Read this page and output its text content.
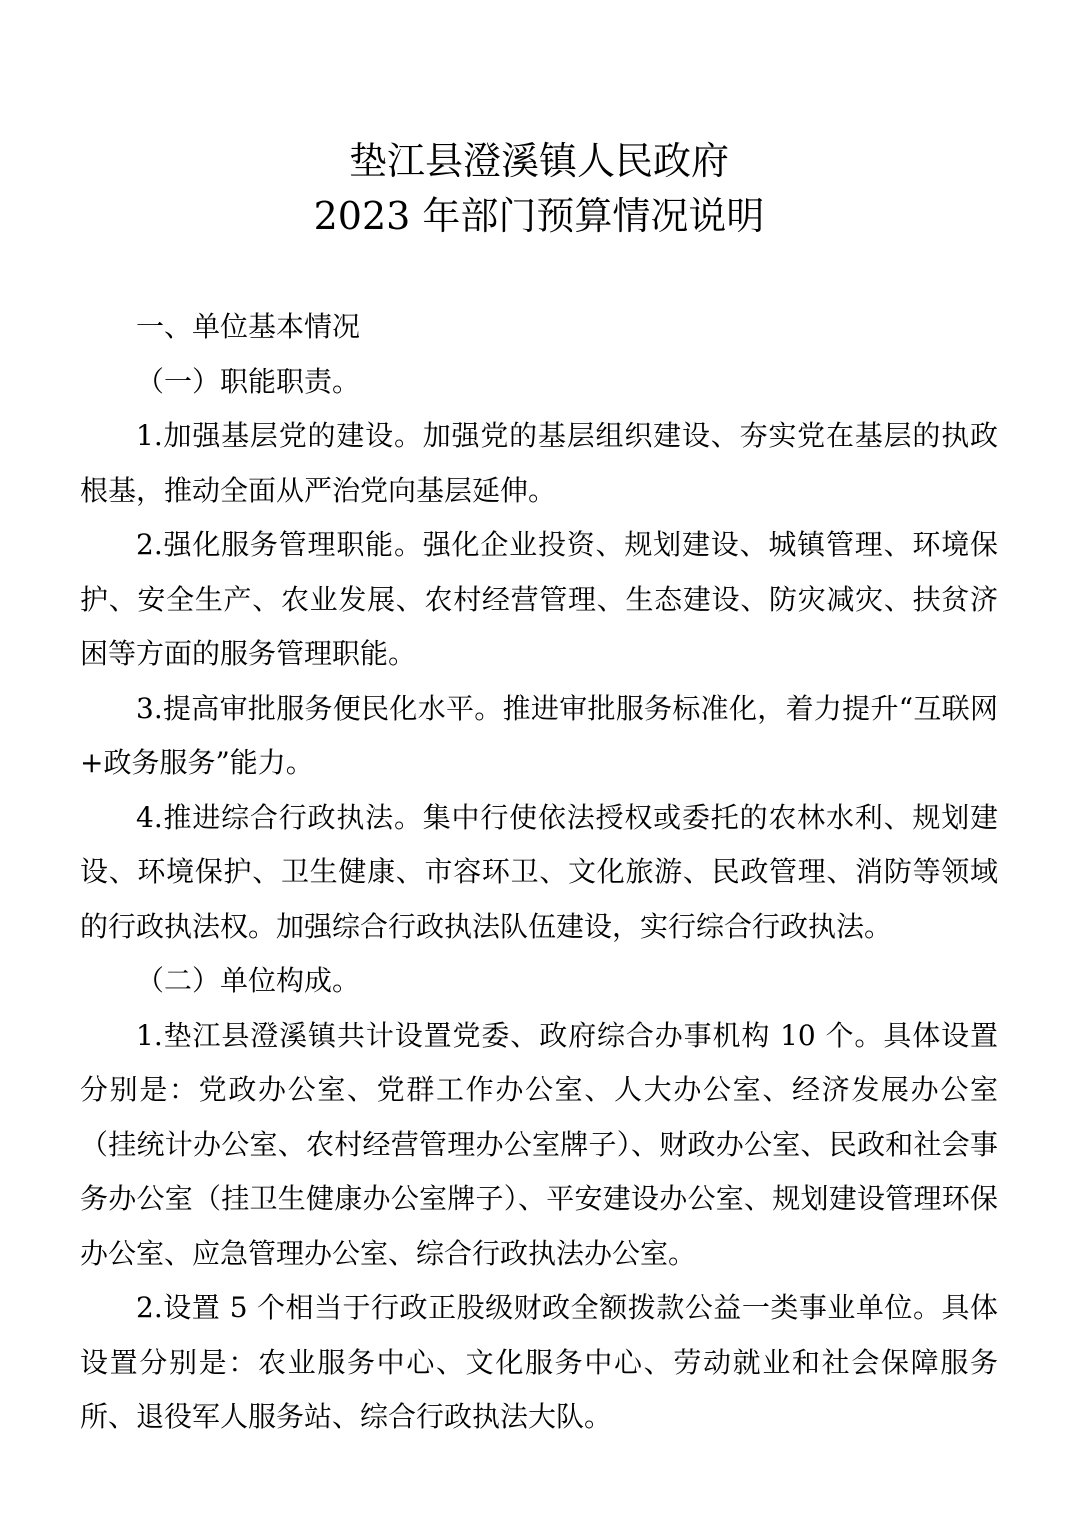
垫江县澄溪镇人民政府
2023 年部门预算情况说明

一、单位基本情况

（一）职能职责。

1.加强基层党的建设。加强党的基层组织建设、夯实党在基层的执政根基，推动全面从严治党向基层延伸。

2.强化服务管理职能。强化企业投资、规划建设、城镇管理、环境保护、安全生产、农业发展、农村经营管理、生态建设、防灾减灾、扶贫济困等方面的服务管理职能。

3.提高审批服务便民化水平。推进审批服务标准化，着力提升“互联网+政务服务”能力。

4.推进综合行政执法。集中行使依法授权或委托的农林水利、规划建设、环境保护、卫生健康、市容环卫、文化旅游、民政管理、消防等领域的行政执法权。加强综合行政执法队伍建设，实行综合行政执法。

（二）单位构成。

1.垫江县澄溪镇共计设置党委、政府综合办事机构 10 个。具体设置分别是：党政办公室、党群工作办公室、人大办公室、经济发展办公室（挂统计办公室、农村经营管理办公室牌子）、财政办公室、民政和社会事务办公室（挂卫生健康办公室牌子）、平安建设办公室、规划建设管理环保办公室、应急管理办公室、综合行政执法办公室。

2.设置 5 个相当于行政正股级财政全额拨款公益一类事业单位。具体设置分别是：农业服务中心、文化服务中心、劳动就业和社会保障服务所、退役军人服务站、综合行政执法大队。
